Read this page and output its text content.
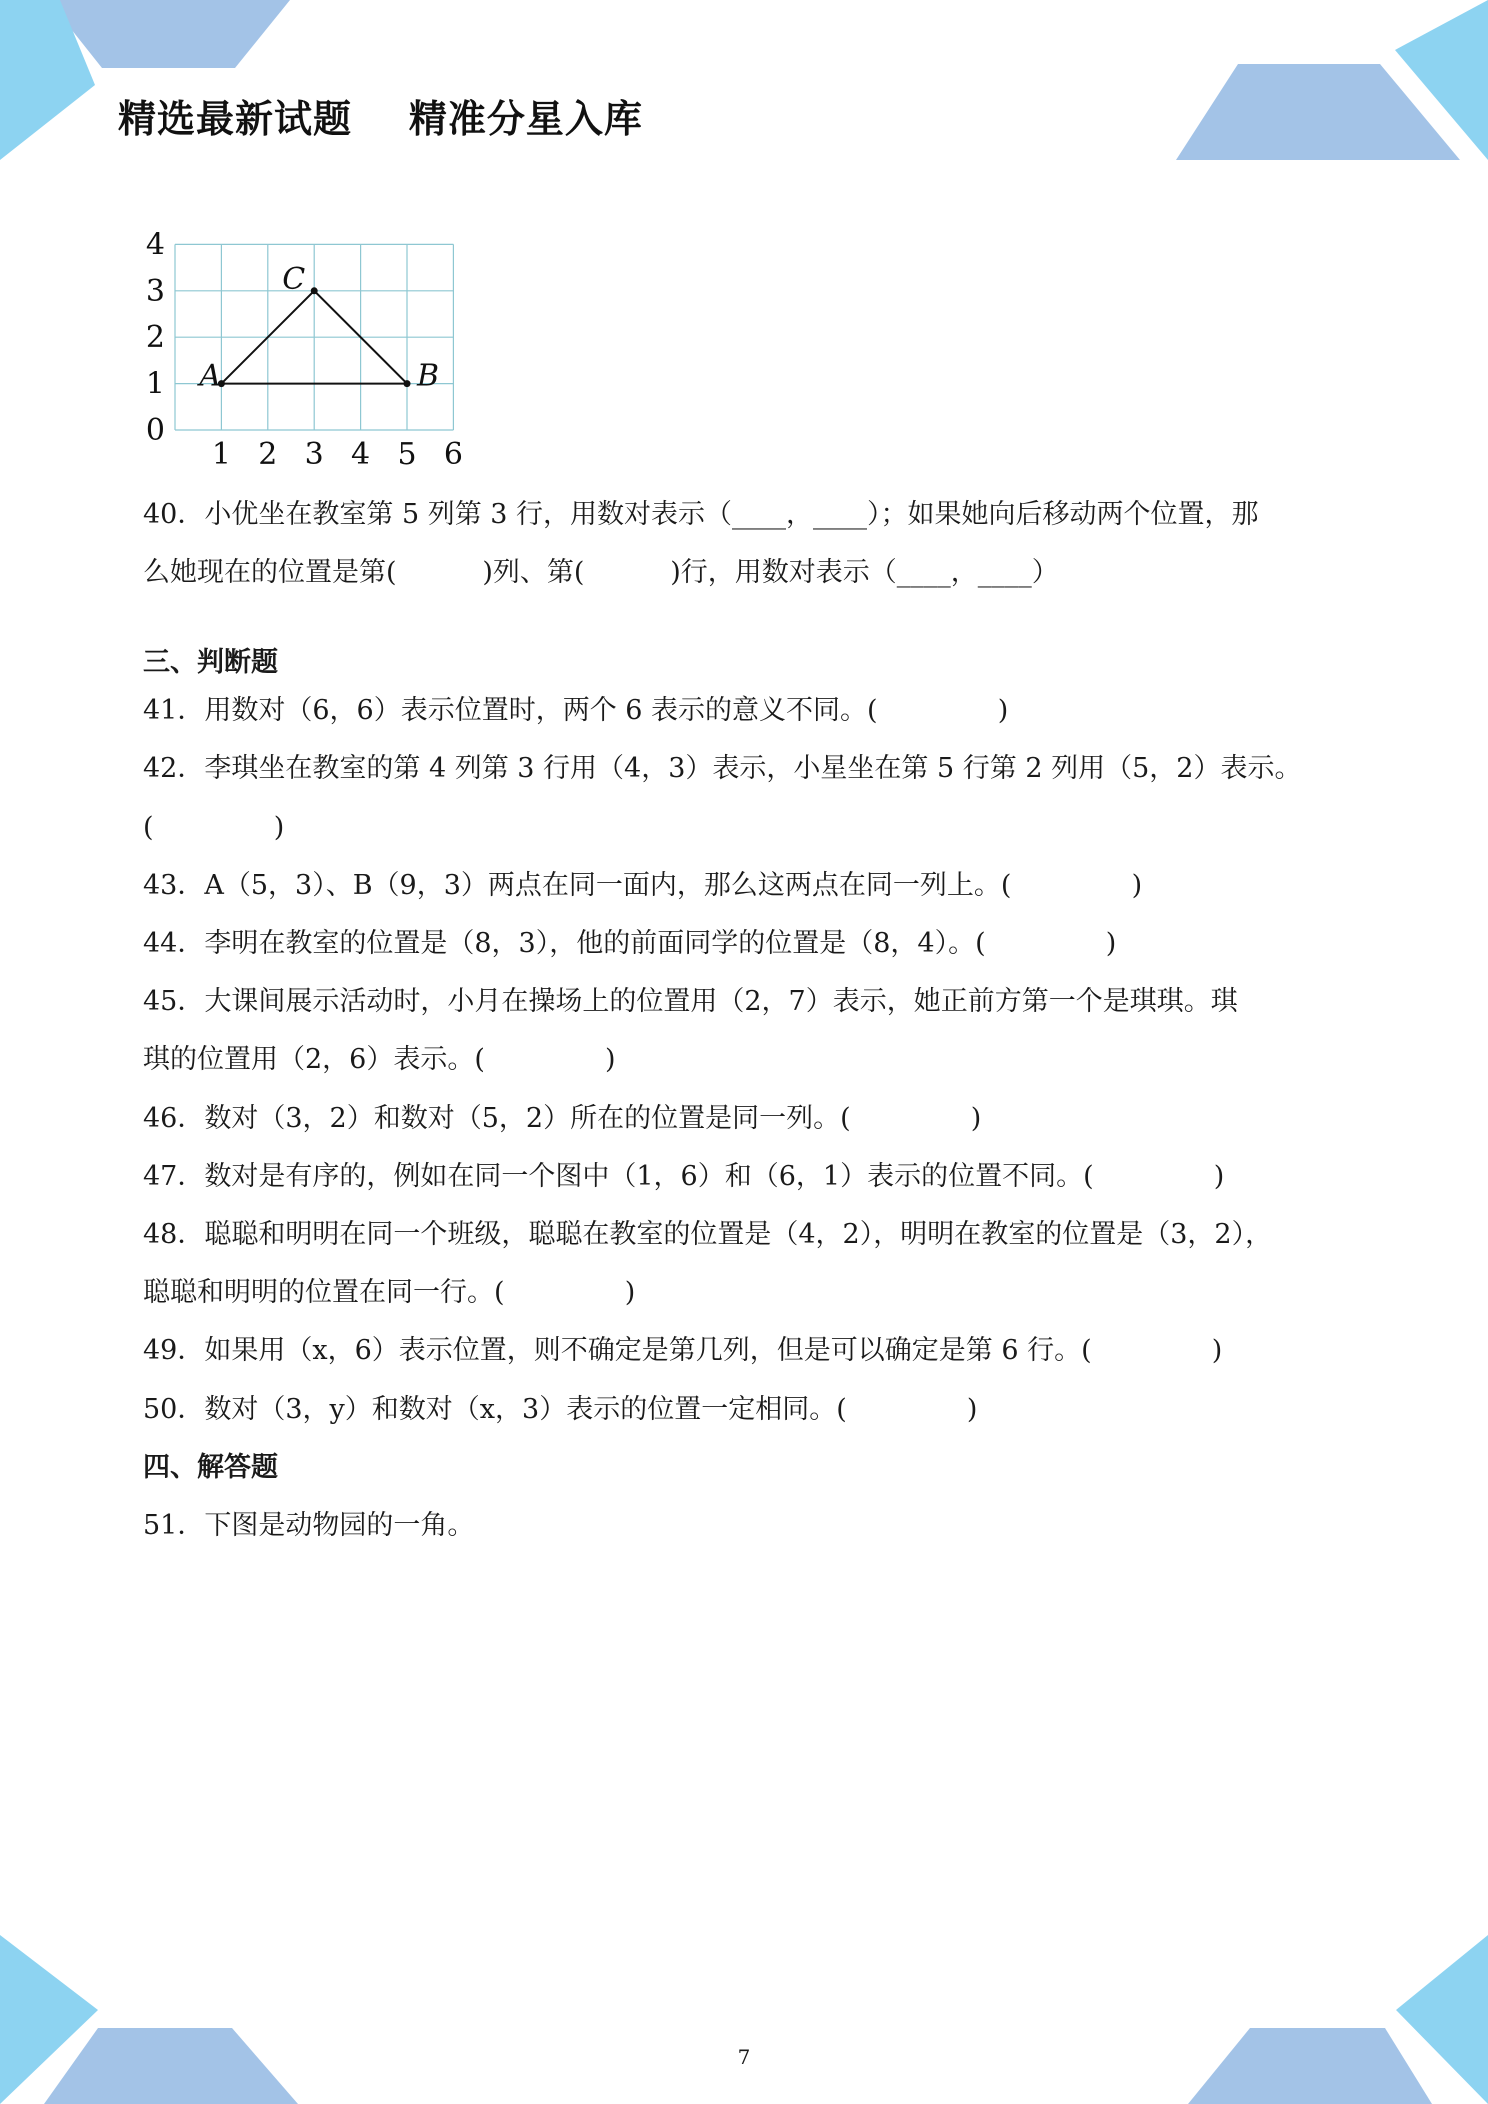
精选最新试题    精准分星入库
4
3
2
1
0
1 2 3 4 5 6
A	B
C
40．小优坐在教室第 5 列第 3 行，用数对表示（____，____）；如果她向后移动两个位置，那
么她现在的位置是第(          )列、第(          )行，用数对表示（____，____）
三、判断题
41．用数对（6，6）表示位置时，两个 6 表示的意义不同。(              )
42．李琪坐在教室的第 4 列第 3 行用（4，3）表示，小星坐在第 5 行第 2 列用（5，2）表示。
(              )
43．A（5，3）、B（9，3）两点在同一面内，那么这两点在同一列上。(              )
44．李明在教室的位置是（8，3），他的前面同学的位置是（8，4）。(              )
45．大课间展示活动时，小月在操场上的位置用（2，7）表示，她正前方第一个是琪琪。琪
琪的位置用（2，6）表示。(              )
46．数对（3，2）和数对（5，2）所在的位置是同一列。(              )
47．数对是有序的，例如在同一个图中（1，6）和（6，1）表示的位置不同。(              )
48．聪聪和明明在同一个班级，聪聪在教室的位置是（4，2），明明在教室的位置是（3，2），
聪聪和明明的位置在同一行。(              )
49．如果用（x，6）表示位置，则不确定是第几列，但是可以确定是第 6 行。(              )
50．数对（3，y）和数对（x，3）表示的位置一定相同。(              )
四、解答题
51．下图是动物园的一角。
7
